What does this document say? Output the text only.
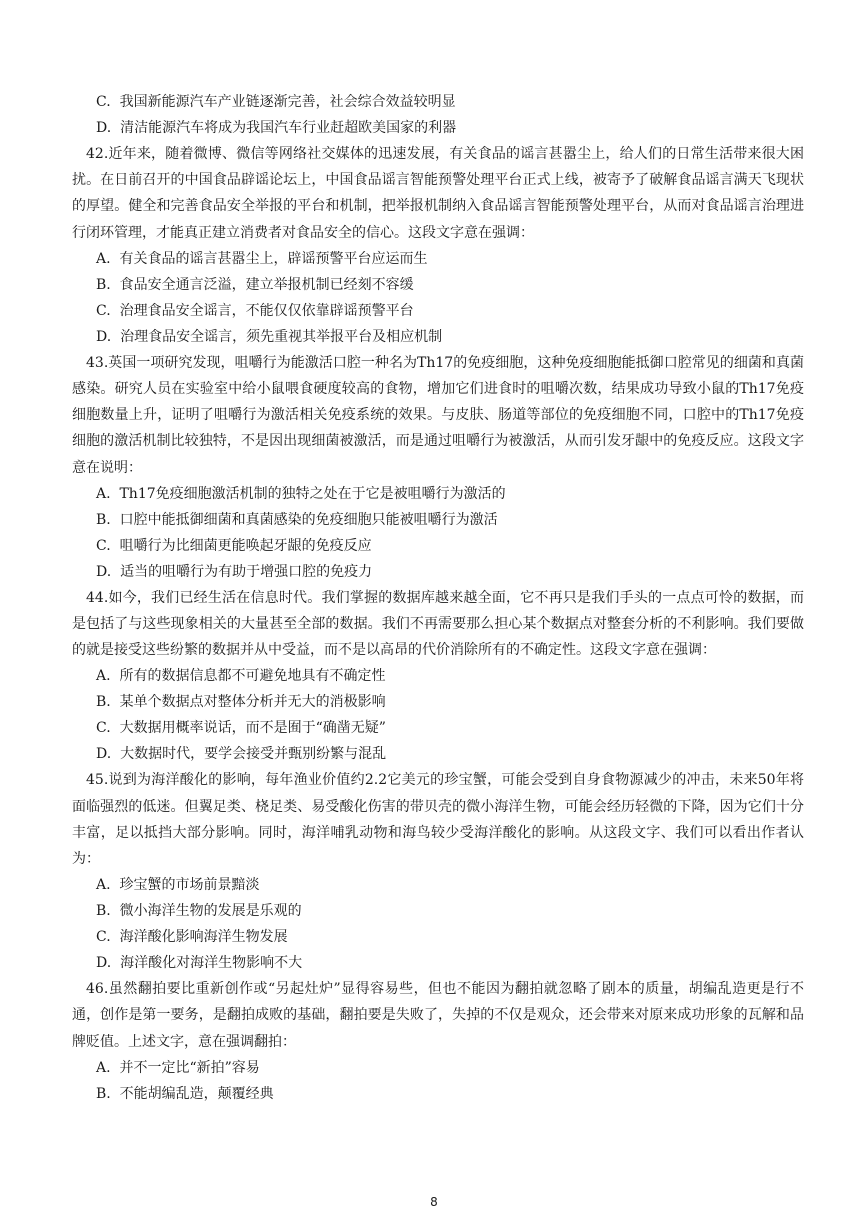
C. 我国新能源汽车产业链逐渐完善，社会综合效益较明显
D. 清洁能源汽车将成为我国汽车行业赶超欧美国家的利器
42.近年来，随着微博、微信等网络社交媒体的迅速发展，有关食品的谣言甚嚣尘上，给人们的日常生活带来很大困扰。在日前召开的中国食品辟谣论坛上，中国食品谣言智能预警处理平台正式上线，被寄予了破解食品谣言满天飞现状的厚望。健全和完善食品安全举报的平台和机制，把举报机制纳入食品谣言智能预警处理平台，从而对食品谣言治理进行闭环管理，才能真正建立消费者对食品安全的信心。这段文字意在强调：
A. 有关食品的谣言甚嚣尘上，辟谣预警平台应运而生
B. 食品安全通言泛溢，建立举报机制已经刻不容缓
C. 治理食品安全谣言，不能仅仅依靠辟谣预警平台
D. 治理食品安全谣言，须先重视其举报平台及相应机制
43.英国一项研究发现，咀嚼行为能激活口腔一种名为Th17的免疫细胞，这种免疫细胞能抵御口腔常见的细菌和真菌感染。研究人员在实验室中给小鼠喂食硬度较高的食物，增加它们进食时的咀嚼次数，结果成功导致小鼠的Th17免疫细胞数量上升，证明了咀嚼行为激活相关免疫系统的效果。与皮肤、肠道等部位的免疫细胞不同，口腔中的Th17免疫细胞的激活机制比较独特，不是因出现细菌被激活，而是通过咀嚼行为被激活，从而引发牙龈中的免疫反应。这段文字意在说明：
A. Th17免疫细胞激活机制的独特之处在于它是被咀嚼行为激活的
B. 口腔中能抵御细菌和真菌感染的免疫细胞只能被咀嚼行为激活
C. 咀嚼行为比细菌更能唤起牙龈的免疫反应
D. 适当的咀嚼行为有助于增强口腔的免疫力
44.如今，我们已经生活在信息时代。我们掌握的数据库越来越全面，它不再只是我们手头的一点点可怜的数据，而是包括了与这些现象相关的大量甚至全部的数据。我们不再需要那么担心某个数据点对整套分析的不利影响。我们要做的就是接受这些纷繁的数据并从中受益，而不是以高昂的代价消除所有的不确定性。这段文字意在强调：
A. 所有的数据信息都不可避免地具有不确定性
B. 某单个数据点对整体分析并无大的消极影响
C. 大数据用概率说话，而不是囿于“确凿无疑”
D. 大数据时代，要学会接受并甄别纷繁与混乱
45.说到为海洋酸化的影响，每年渔业价值约2.2它美元的珍宝蟹，可能会受到自身食物源减少的冲击，未来50年将面临强烈的低迷。但翼足类、桡足类、易受酸化伤害的带贝壳的微小海洋生物，可能会经历轻微的下降，因为它们十分丰富，足以抵挡大部分影响。同时，海洋哺乳动物和海鸟较少受海洋酸化的影响。从这段文字、我们可以看出作者认为：
A. 珍宝蟹的市场前景黯淡
B. 微小海洋生物的发展是乐观的
C. 海洋酸化影响海洋生物发展
D. 海洋酸化对海洋生物影响不大
46.虽然翻拍要比重新创作或“另起灶炉”显得容易些，但也不能因为翻拍就忽略了剧本的质量，胡编乱造更是行不通，创作是第一要务，是翻拍成败的基础，翻拍要是失败了，失掉的不仅是观众，还会带来对原来成功形象的瓦解和品牌贬值。上述文字，意在强调翻拍：
A. 并不一定比“新拍”容易
B. 不能胡编乱造，颠覆经典
8
